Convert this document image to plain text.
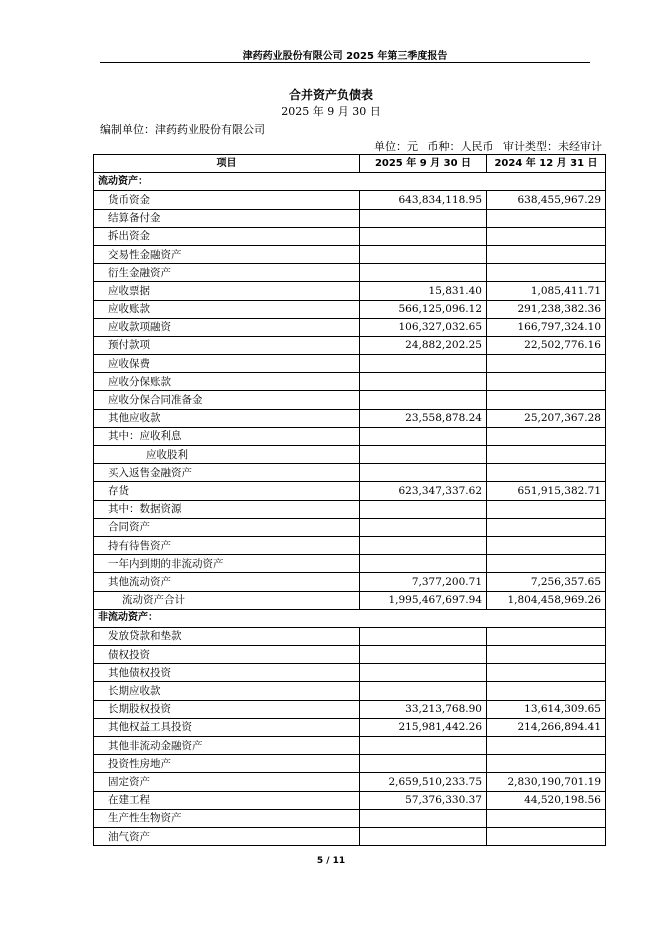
津药药业股份有限公司 2025 年第三季度报告
合并资产负债表
2025 年 9 月 30 日
编制单位：津药药业股份有限公司
单位：元 币种：人民币 审计类型：未经审计
项目	2025 年 9 月 30 日	2024 年 12 月 31 日
流动资产：		
货币资金	643,834,118.95	638,455,967.29
结算备付金		
拆出资金		
交易性金融资产		
衍生金融资产		
应收票据	15,831.40	1,085,411.71
应收账款	566,125,096.12	291,238,382.36
应收款项融资	106,327,032.65	166,797,324.10
预付款项	24,882,202.25	22,502,776.16
应收保费		
应收分保账款		
应收分保合同准备金		
其他应收款	23,558,878.24	25,207,367.28
其中：应收利息		
应收股利		
买入返售金融资产		
存货	623,347,337.62	651,915,382.71
其中：数据资源		
合同资产		
持有待售资产		
一年内到期的非流动资产		
其他流动资产	7,377,200.71	7,256,357.65
流动资产合计	1,995,467,697.94	1,804,458,969.26
非流动资产：		
发放贷款和垫款		
债权投资		
其他债权投资		
长期应收款		
长期股权投资	33,213,768.90	13,614,309.65
其他权益工具投资	215,981,442.26	214,266,894.41
其他非流动金融资产		
投资性房地产		
固定资产	2,659,510,233.75	2,830,190,701.19
在建工程	57,376,330.37	44,520,198.56
生产性生物资产		
油气资产		
5 / 11
